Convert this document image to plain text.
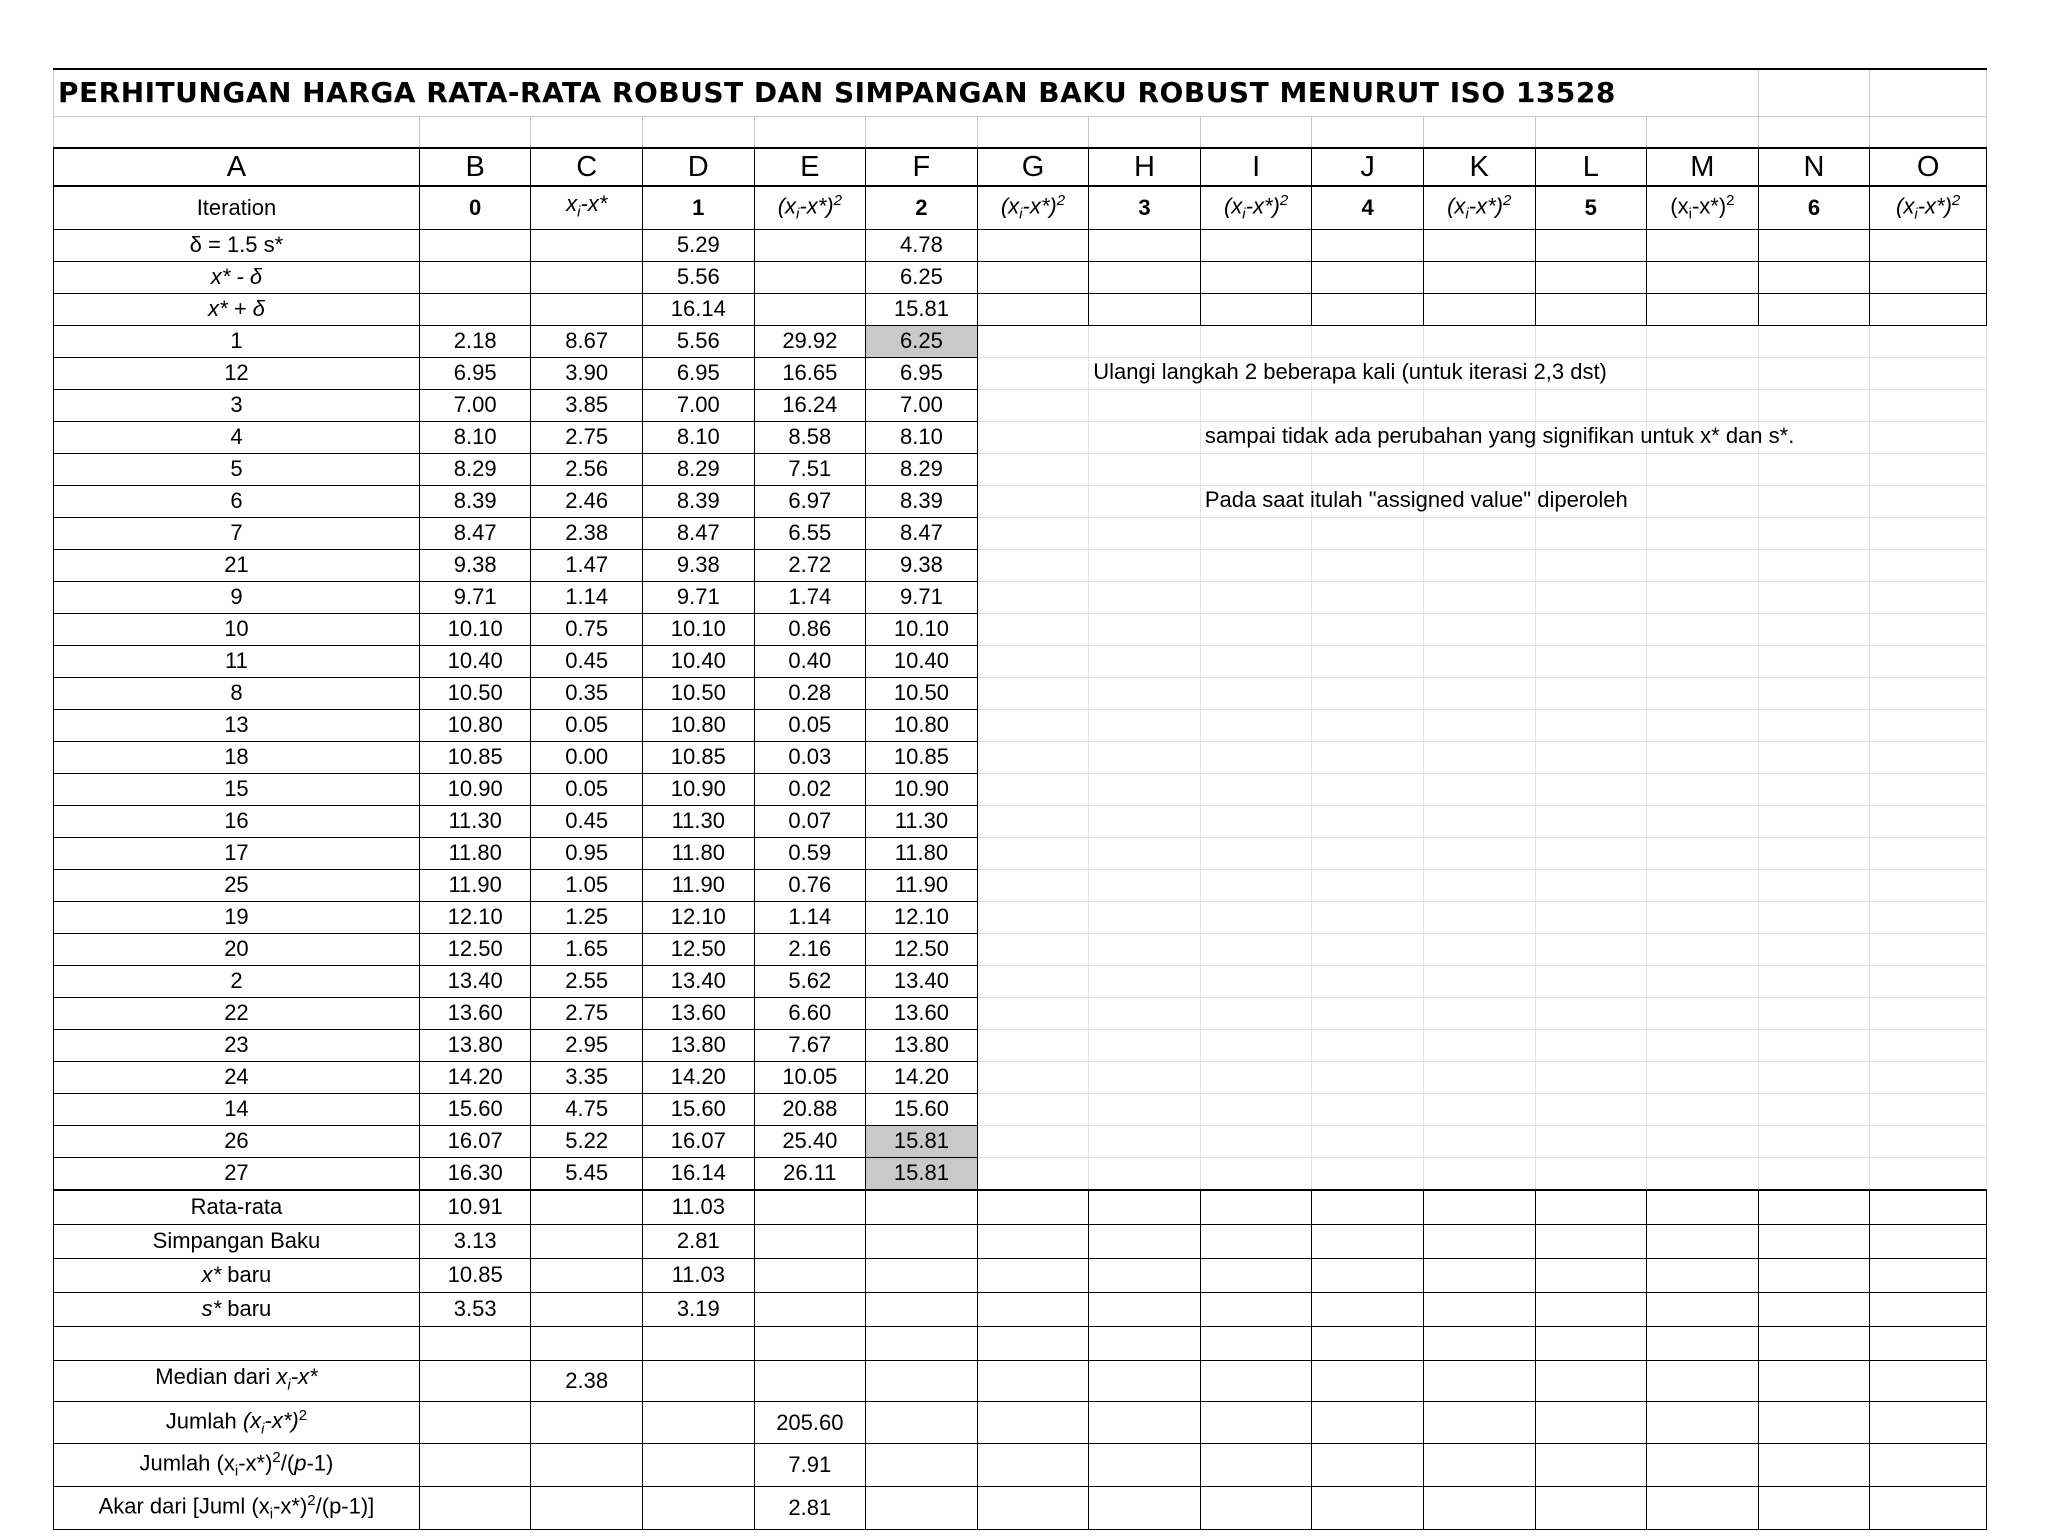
PERHITUNGAN HARGA RATA-RATA ROBUST DAN SIMPANGAN BAKU ROBUST MENURUT ISO 13528														

A	B	C	D	E	F	G	H	I	J	K	L	M	N	O
Iteration	0	$x_i-x*$	1	$(x_i-x*)^2$	2	$(x_i-x*)^2$	3	$(x_i-x*)^2$	4	$(x_i-x*)^2$	5	$(x_i-x*)^2$	6	$(x_i-x*)^2$
δ = 1.5 s*			5.29		4.78									
x* - δ			5.56		6.25									
x* + δ			16.14		15.81									
1	2.18	8.67	5.56	29.92	6.25									
12	6.95	3.90	6.95	16.65	6.95		Ulangi langkah 2 beberapa kali (untuk iterasi 2,3 dst)							

3	7.00	3.85	7.00	16.24	7.00									
4	8.10	2.75	8.10	8.58	8.10			sampai tidak ada perubahan yang signifikan untuk x* dan s*.						

5	8.29	2.56	8.29	7.51	8.29									
6	8.39	2.46	8.39	6.97	8.39			Pada saat itulah "assigned value" diperoleh						

7	8.47	2.38	8.47	6.55	8.47									
21	9.38	1.47	9.38	2.72	9.38									
9	9.71	1.14	9.71	1.74	9.71									
10	10.10	0.75	10.10	0.86	10.10									
11	10.40	0.45	10.40	0.40	10.40									
8	10.50	0.35	10.50	0.28	10.50									
13	10.80	0.05	10.80	0.05	10.80									
18	10.85	0.00	10.85	0.03	10.85									
15	10.90	0.05	10.90	0.02	10.90									
16	11.30	0.45	11.30	0.07	11.30									
17	11.80	0.95	11.80	0.59	11.80									
25	11.90	1.05	11.90	0.76	11.90									
19	12.10	1.25	12.10	1.14	12.10									
20	12.50	1.65	12.50	2.16	12.50									
2	13.40	2.55	13.40	5.62	13.40									
22	13.60	2.75	13.60	6.60	13.60									
23	13.80	2.95	13.80	7.67	13.80									
24	14.20	3.35	14.20	10.05	14.20									
14	15.60	4.75	15.60	20.88	15.60									
26	16.07	5.22	16.07	25.40	15.81									
27	16.30	5.45	16.14	26.11	15.81									
Rata-rata	10.91		11.03											
Simpangan Baku	3.13		2.81											
x* baru	10.85		11.03											
s* baru	3.53		3.19											

Median dari $x_i-x*$		2.38												
Jumlah $(x_i-x*)^2$				205.60										
Jumlah $(x_i-x*)^2/(p-1)$				7.91										
Akar dari [Juml $(x_i-x*)^2/(p-1)$]				2.81										
